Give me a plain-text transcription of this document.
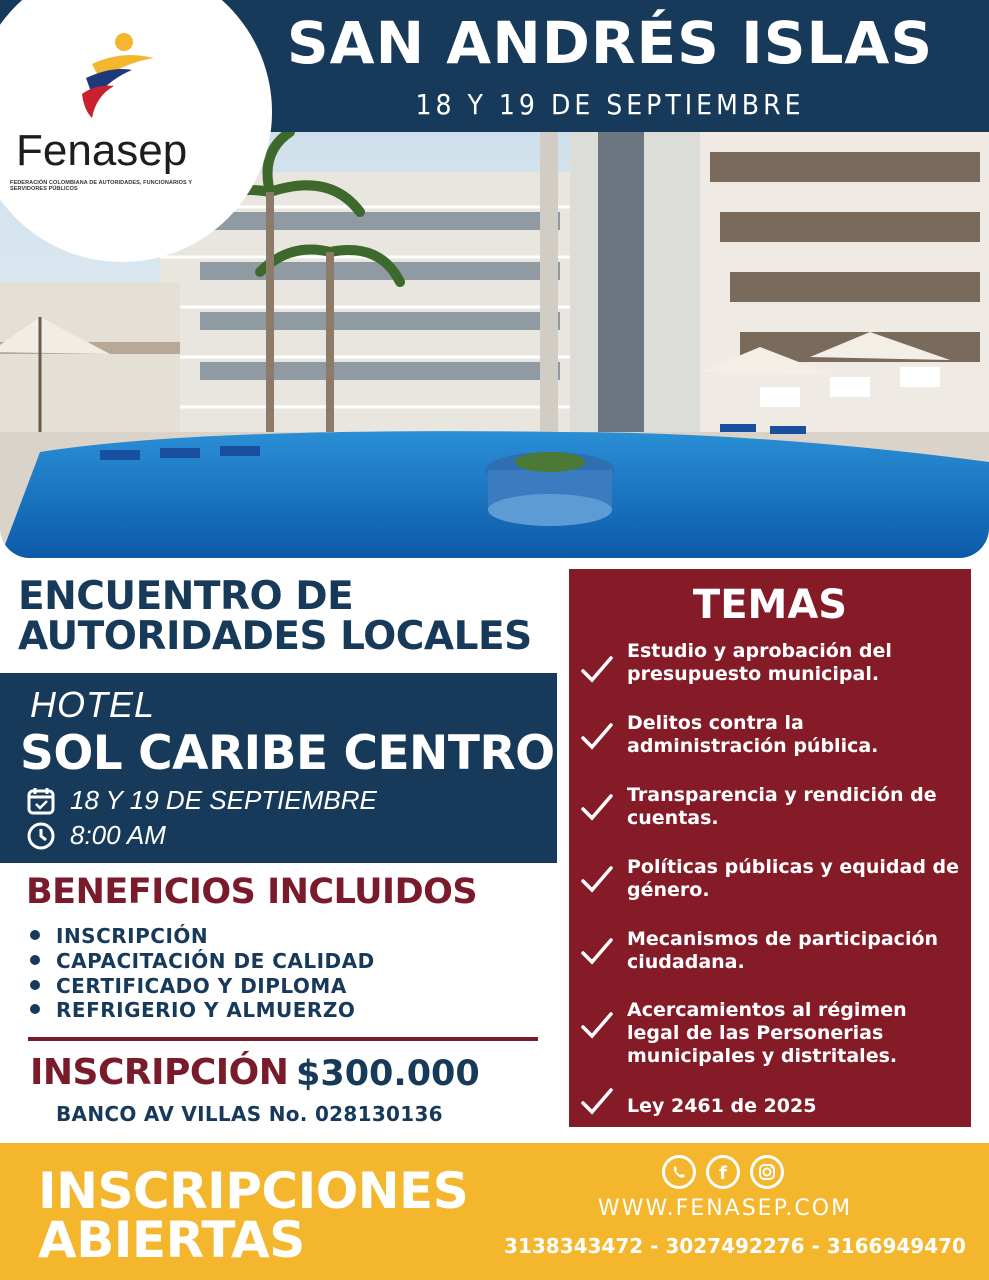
SAN ANDRÉS ISLAS
18 Y 19 DE SEPTIEMBRE
Fenasep
FEDERACIÓN COLOMBIANA DE AUTORIDADES, FUNCIONARIOS Y SERVIDORES PÚBLICOS
ENCUENTRO DE
AUTORIDADES LOCALES
HOTEL
SOL CARIBE CENTRO
18 Y 19 DE SEPTIEMBRE
8:00 AM
BENEFICIOS INCLUIDOS
INSCRIPCIÓN
CAPACITACIÓN DE CALIDAD
CERTIFICADO Y DIPLOMA
REFRIGERIO Y ALMUERZO
INSCRIPCIÓN $300.000
BANCO AV VILLAS No. 028130136
TEMAS
Estudio y aprobación del
presupuesto municipal.
Delitos contra la
administración pública.
Transparencia y rendición de
cuentas.
Políticas públicas y equidad de
género.
Mecanismos de participación
ciudadana.
Acercamientos al régimen
legal de las Personerias
municipales y distritales.
Ley 2461 de 2025
INSCRIPCIONES
ABIERTAS
f
WWW.FENASEP.COM
3138343472 - 3027492276 - 3166949470
